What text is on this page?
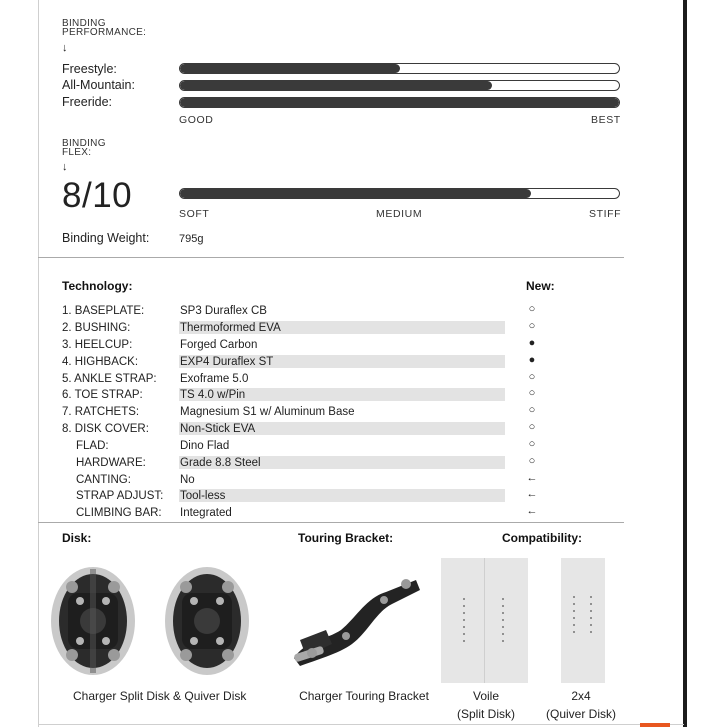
BINDING
PERFORMANCE:
↓
Freestyle:
All-Mountain:
Freeride:
GOOD	BEST
BINDING
FLEX:
↓
8/10	SOFT	MEDIUM	STIFF
Binding Weight:	795g
Technology:	New:
1. BASEPLATE:	SP3 Duraflex CB	○
2. BUSHING:	Thermoformed EVA	○
3. HEELCUP:	Forged Carbon	●
4. HIGHBACK:	EXP4 Duraflex ST	●
5. ANKLE STRAP: Exoframe 5.0	○
6. TOE STRAP:	TS 4.0 w/Pin	○
7. RATCHETS:	Magnesium S1 w/ Aluminum Base	○
8. DISK COVER:	Non-Stick EVA	○
FLAD:	Dino Flad	○
HARDWARE:	Grade 8.8 Steel	○
CANTING:	No	←
STRAP ADJUST: Tool-less	←
CLIMBING BAR: Integrated	←
Disk:	Touring Bracket:	Compatibility:
Charger Split Disk & Quiver Disk	Charger Touring Bracket	Voile
(Split Disk)
2x4
(Quiver Disk)
